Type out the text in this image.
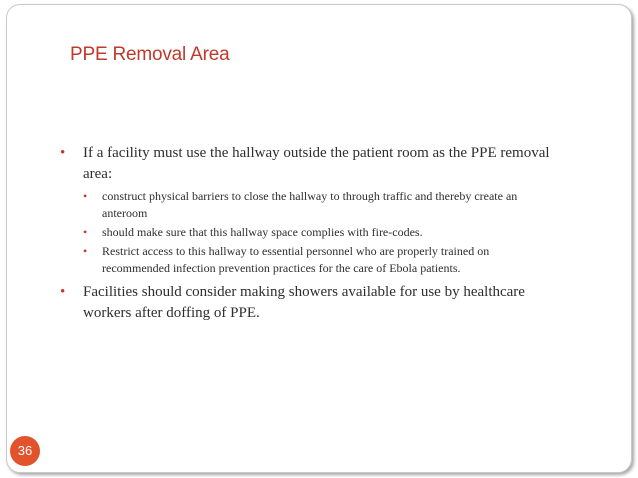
PPE Removal Area
• If a facility must use the hallway outside the patient room as the PPE removal area:
• construct physical barriers to close the hallway to through traffic and thereby create an anteroom
• should make sure that this hallway space complies with fire-codes.
• Restrict access to this hallway to essential personnel who are properly trained on recommended infection prevention practices for the care of Ebola patients.
• Facilities should consider making showers available for use by healthcare workers after doffing of PPE.
36
